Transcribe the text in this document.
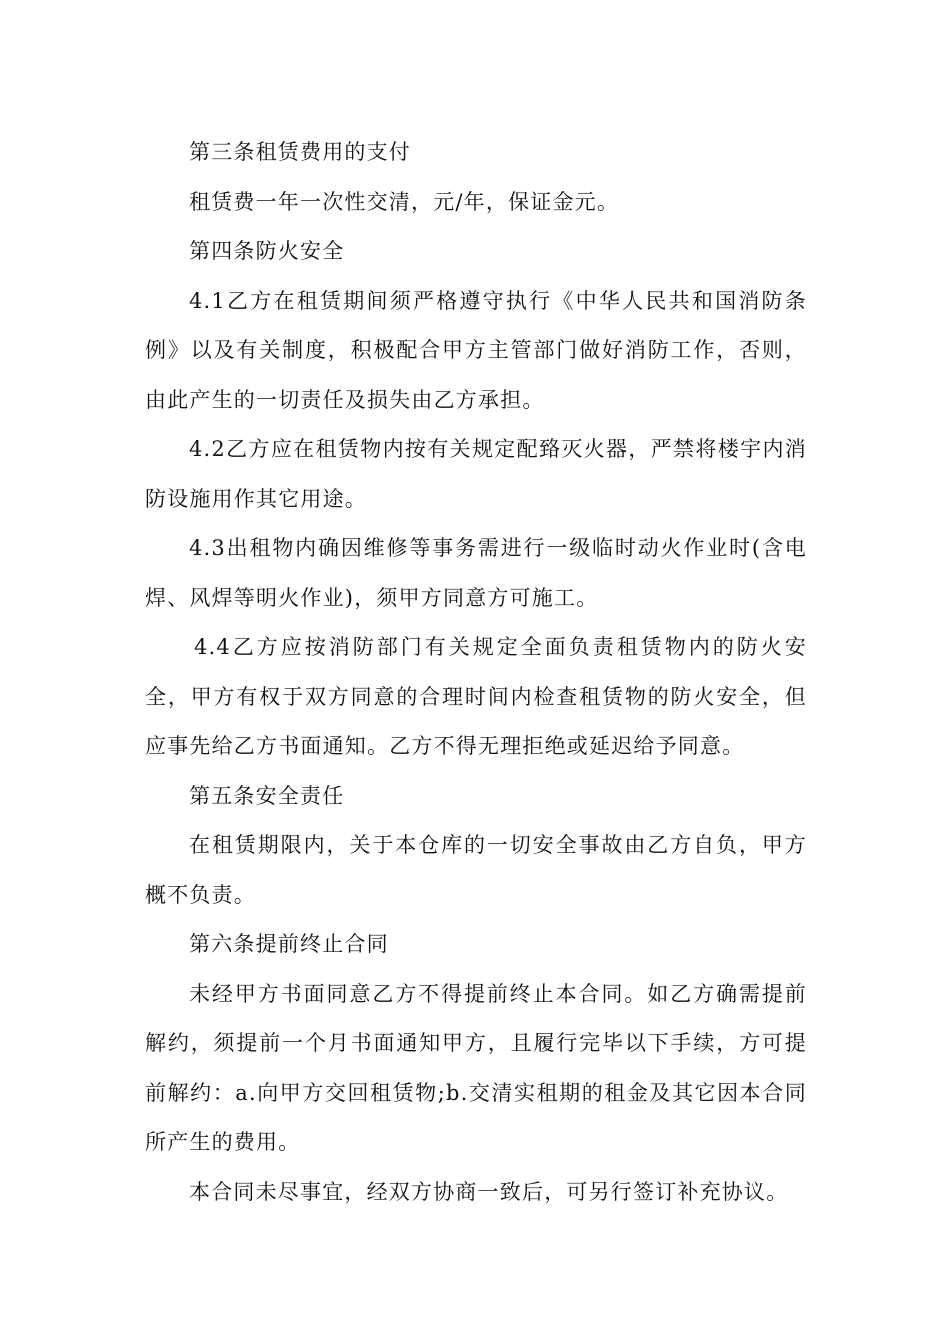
第三条租赁费用的支付

租赁费一年一次性交清，元/年，保证金元。

第四条防火安全

4.1乙方在租赁期间须严格遵守执行《中华人民共和国消防条例》以及有关制度，积极配合甲方主管部门做好消防工作，否则，由此产生的一切责任及损失由乙方承担。

4.2乙方应在租赁物内按有关规定配臵灭火器，严禁将楼宇内消防设施用作其它用途。

4.3出租物内确因维修等事务需进行一级临时动火作业时(含电焊、风焊等明火作业)，须甲方同意方可施工。

4.4乙方应按消防部门有关规定全面负责租赁物内的防火安全，甲方有权于双方同意的合理时间内检查租赁物的防火安全，但应事先给乙方书面通知。乙方不得无理拒绝或延迟给予同意。

第五条安全责任

在租赁期限内，关于本仓库的一切安全事故由乙方自负，甲方概不负责。

第六条提前终止合同

未经甲方书面同意乙方不得提前终止本合同。如乙方确需提前解约，须提前一个月书面通知甲方，且履行完毕以下手续，方可提前解约：a.向甲方交回租赁物;b.交清实租期的租金及其它因本合同所产生的费用。

本合同未尽事宜，经双方协商一致后，可另行签订补充协议。
